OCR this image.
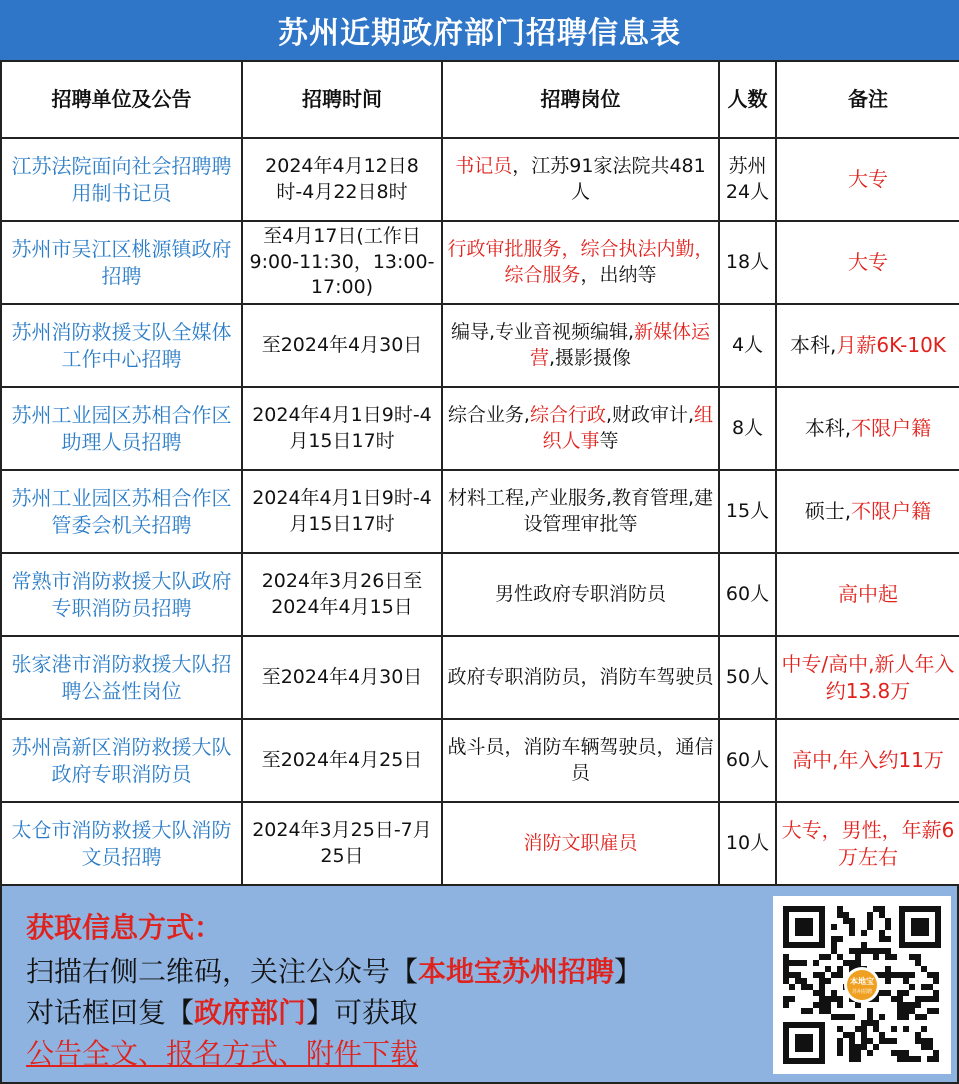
苏州近期政府部门招聘信息表
招聘单位及公告	招聘时间	招聘岗位	人数	备注
江苏法院面向社会招聘聘用制书记员	2024年4月12日8时-4月22日8时	书记员，江苏91家法院共481人	苏州24人	大专
苏州市吴江区桃源镇政府招聘	至4月17日(工作日9:00-11:30，13:00-17:00)	行政审批服务，综合执法内勤，综合服务，出纳等	18人	大专
苏州消防救援支队全媒体工作中心招聘	至2024年4月30日	编导,专业音视频编辑,新媒体运营,摄影摄像	4人	本科,月薪6K-10K
苏州工业园区苏相合作区助理人员招聘	2024年4月1日9时-4月15日17时	综合业务,综合行政,财政审计,组织人事等	8人	本科,不限户籍
苏州工业园区苏相合作区管委会机关招聘	2024年4月1日9时-4月15日17时	材料工程,产业服务,教育管理,建设管理审批等	15人	硕士,不限户籍
常熟市消防救援大队政府专职消防员招聘	2024年3月26日至2024年4月15日	男性政府专职消防员	60人	高中起
张家港市消防救援大队招聘公益性岗位	至2024年4月30日	政府专职消防员，消防车驾驶员	50人	中专/高中,新人年入约13.8万
苏州高新区消防救援大队政府专职消防员	至2024年4月25日	战斗员，消防车辆驾驶员，通信员	60人	高中,年入约11万
太仓市消防救援大队消防文员招聘	2024年3月25日-7月25日	消防文职雇员	10人	大专，男性，年薪6万左右
获取信息方式：
扫描右侧二维码，关注公众号【本地宝苏州招聘】
对话框回复【政府部门】可获取
公告全文、报名方式、附件下载
本地宝
苏州招聘
